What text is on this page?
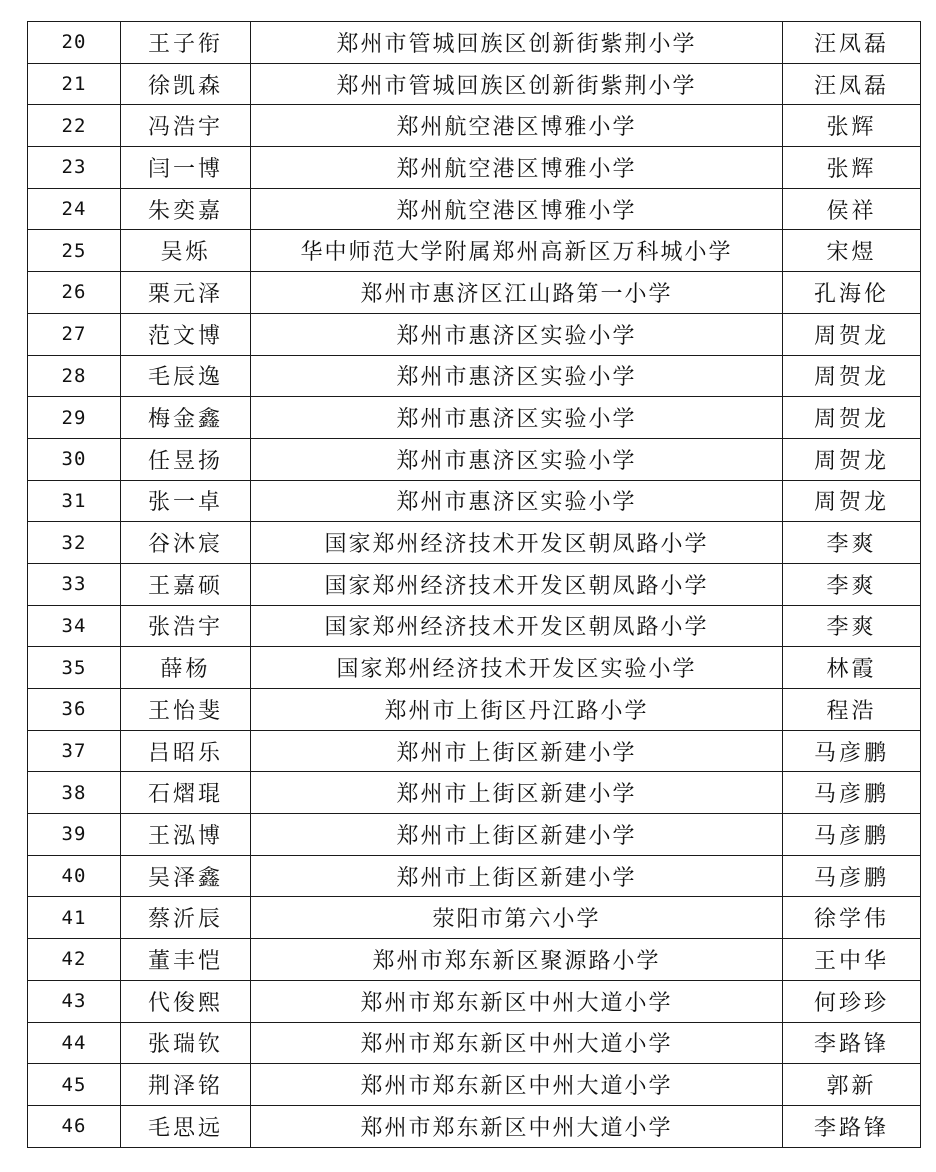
20	王子衔	郑州市管城回族区创新街紫荆小学	汪凤磊
21	徐凯森	郑州市管城回族区创新街紫荆小学	汪凤磊
22	冯浩宇	郑州航空港区博雅小学	张辉
23	闫一博	郑州航空港区博雅小学	张辉
24	朱奕嘉	郑州航空港区博雅小学	侯祥
25	吴烁	华中师范大学附属郑州高新区万科城小学	宋煜
26	栗元泽	郑州市惠济区江山路第一小学	孔海伦
27	范文博	郑州市惠济区实验小学	周贺龙
28	毛辰逸	郑州市惠济区实验小学	周贺龙
29	梅金鑫	郑州市惠济区实验小学	周贺龙
30	任昱扬	郑州市惠济区实验小学	周贺龙
31	张一卓	郑州市惠济区实验小学	周贺龙
32	谷沐宸	国家郑州经济技术开发区朝凤路小学	李爽
33	王嘉硕	国家郑州经济技术开发区朝凤路小学	李爽
34	张浩宇	国家郑州经济技术开发区朝凤路小学	李爽
35	薛杨	国家郑州经济技术开发区实验小学	林霞
36	王怡斐	郑州市上街区丹江路小学	程浩
37	吕昭乐	郑州市上街区新建小学	马彦鹏
38	石熠琨	郑州市上街区新建小学	马彦鹏
39	王泓博	郑州市上街区新建小学	马彦鹏
40	吴泽鑫	郑州市上街区新建小学	马彦鹏
41	蔡沂辰	荥阳市第六小学	徐学伟
42	董丰恺	郑州市郑东新区聚源路小学	王中华
43	代俊熙	郑州市郑东新区中州大道小学	何珍珍
44	张瑞钦	郑州市郑东新区中州大道小学	李路锋
45	荆泽铭	郑州市郑东新区中州大道小学	郭新
46	毛思远	郑州市郑东新区中州大道小学	李路锋
